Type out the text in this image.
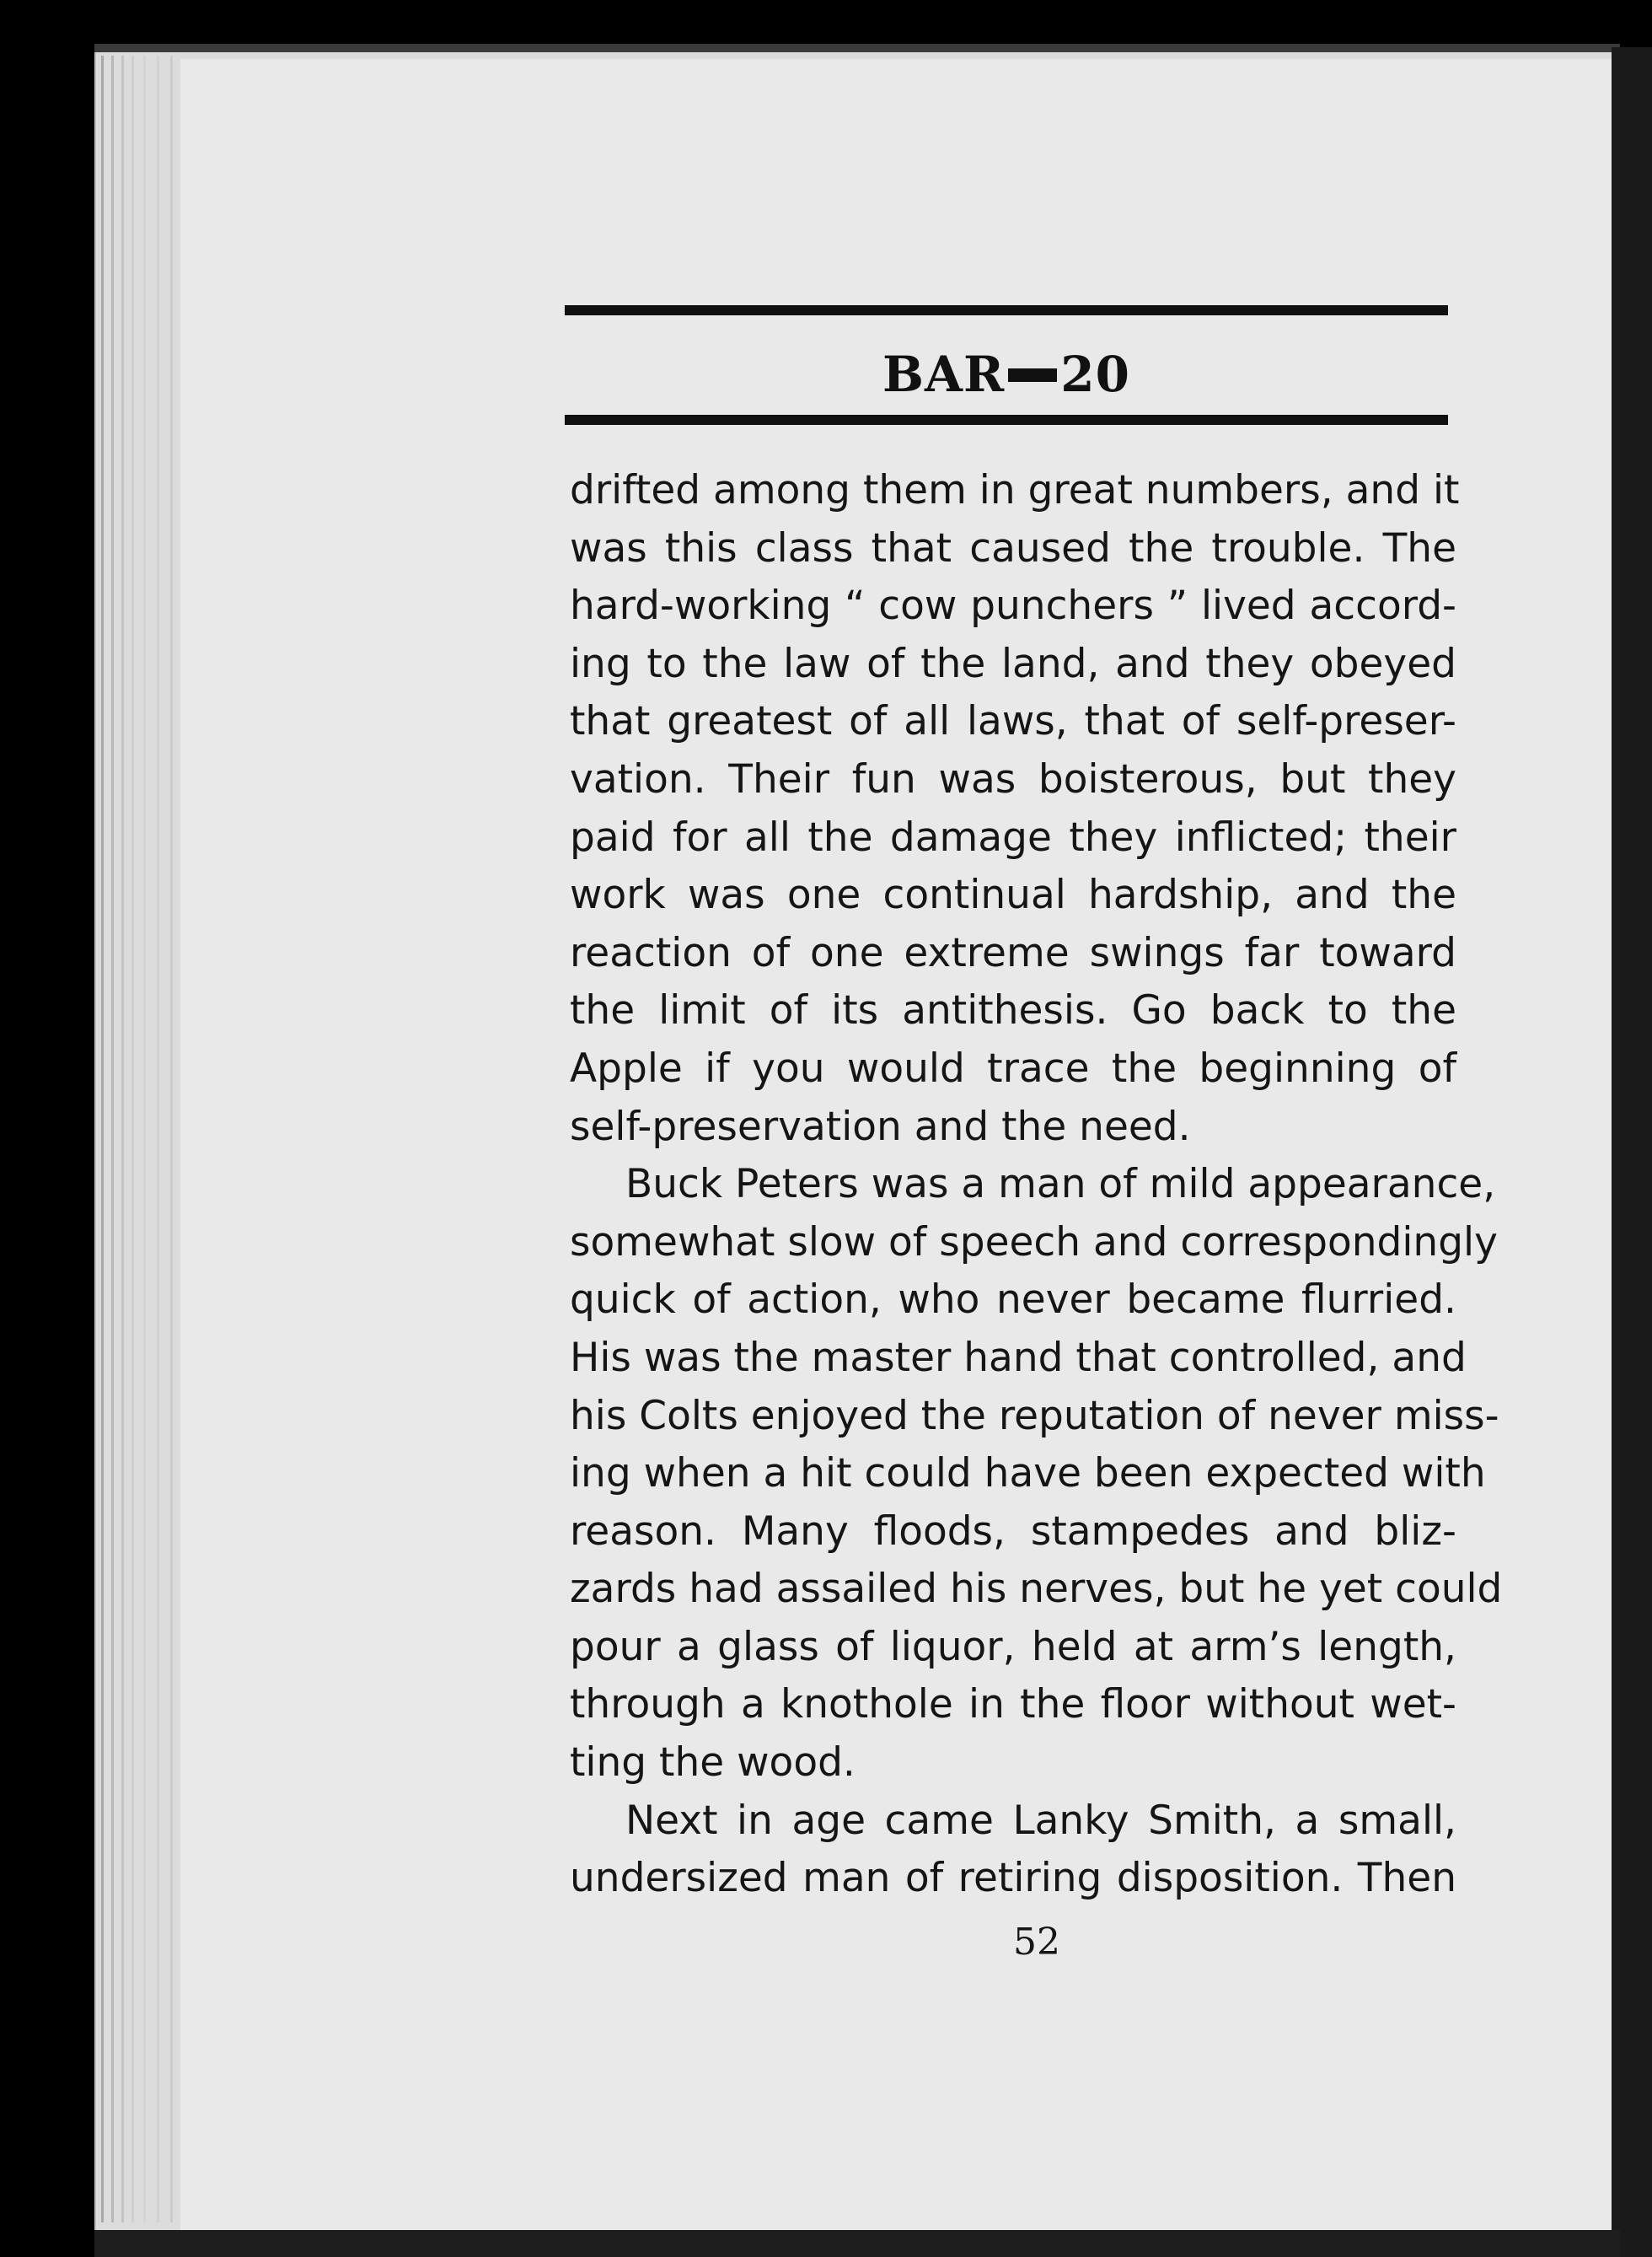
BAR 20
drifted among them in great numbers, and it
was this class that caused the trouble. The
hard-working “ cow punchers ” lived accord-
ing to the law of the land, and they obeyed
that greatest of all laws, that of self-preser-
vation. Their fun was boisterous, but they
paid for all the damage they inflicted; their
work was one continual hardship, and the
reaction of one extreme swings far toward
the limit of its antithesis. Go back to the
Apple if you would trace the beginning of
self-preservation and the need.
Buck Peters was a man of mild appearance,
somewhat slow of speech and correspondingly
quick of action, who never became flurried.
His was the master hand that controlled, and
his Colts enjoyed the reputation of never miss-
ing when a hit could have been expected with
reason. Many floods, stampedes and bliz-
zards had assailed his nerves, but he yet could
pour a glass of liquor, held at arm’s length,
through a knothole in the floor without wet-
ting the wood.
Next in age came Lanky Smith, a small,
undersized man of retiring disposition. Then
52
